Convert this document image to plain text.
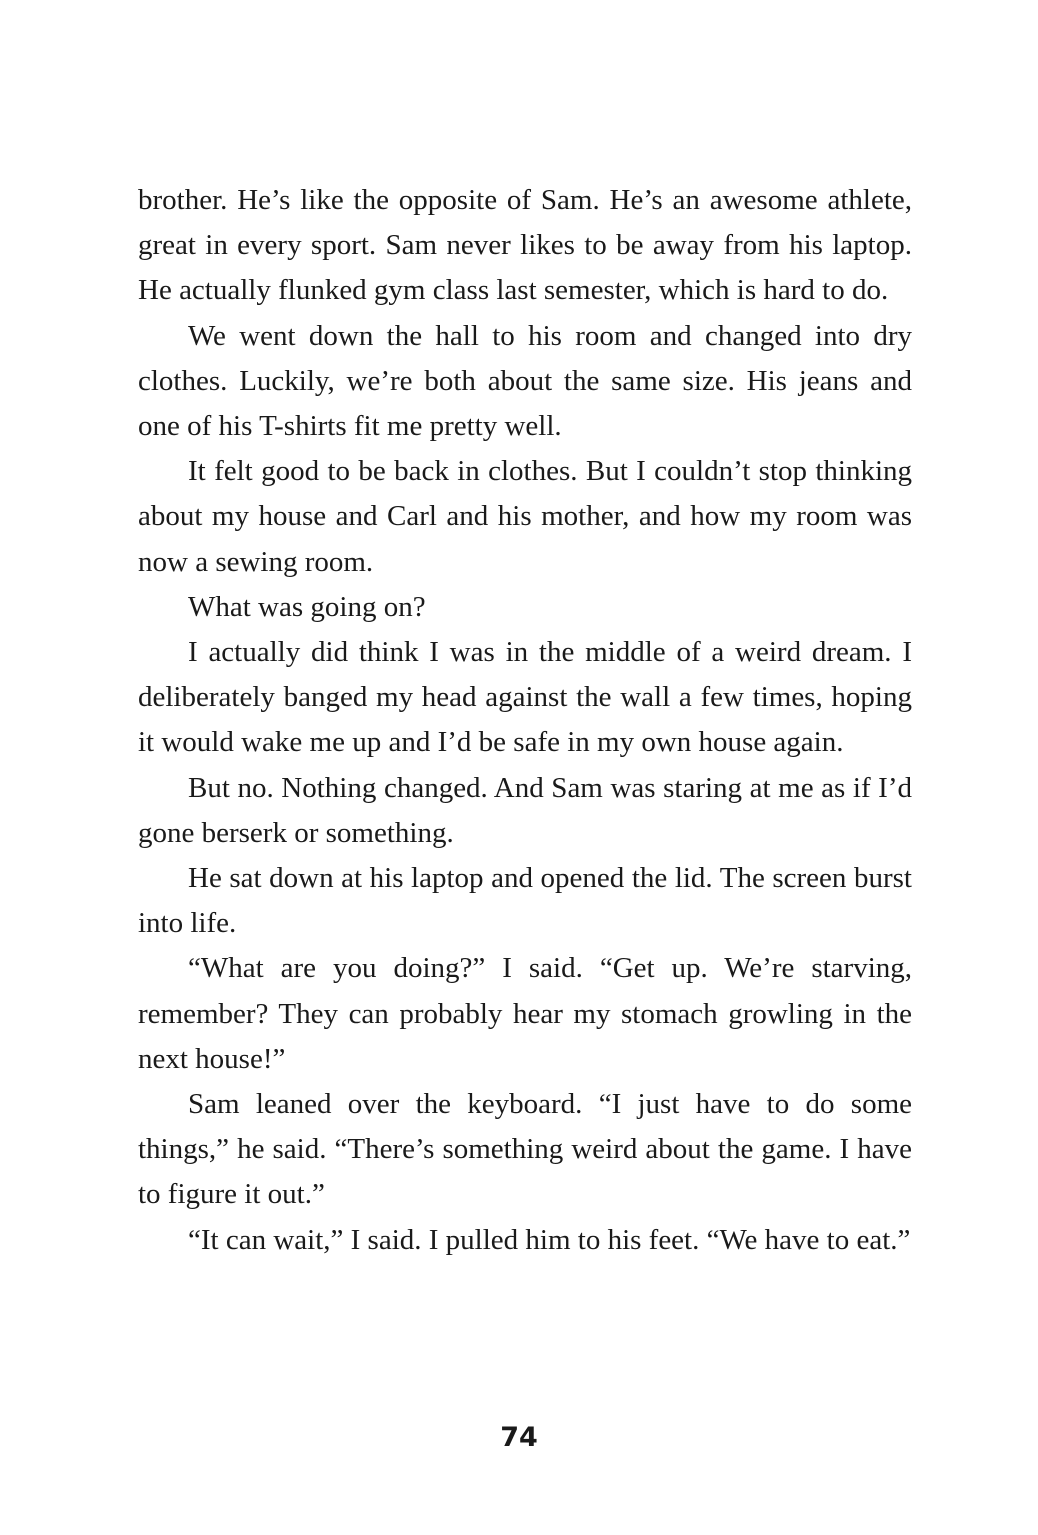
brother. He’s like the opposite of Sam. He’s an awesome athlete, great in every sport. Sam never likes to be away from his laptop. He actually flunked gym class last semester, which is hard to do.

We went down the hall to his room and changed into dry clothes. Luckily, we’re both about the same size. His jeans and one of his T-shirts fit me pretty well.

It felt good to be back in clothes. But I couldn’t stop thinking about my house and Carl and his mother, and how my room was now a sewing room.

What was going on?

I actually did think I was in the middle of a weird dream. I deliberately banged my head against the wall a few times, hoping it would wake me up and I’d be safe in my own house again.

But no. Nothing changed. And Sam was staring at me as if I’d gone berserk or something.

He sat down at his laptop and opened the lid. The screen burst into life.

“What are you doing?” I said. “Get up. We’re starving, remember? They can probably hear my stomach growling in the next house!”

Sam leaned over the keyboard. “I just have to do some things,” he said. “There’s something weird about the game. I have to figure it out.”

“It can wait,” I said. I pulled him to his feet. “We have to eat.”

74
